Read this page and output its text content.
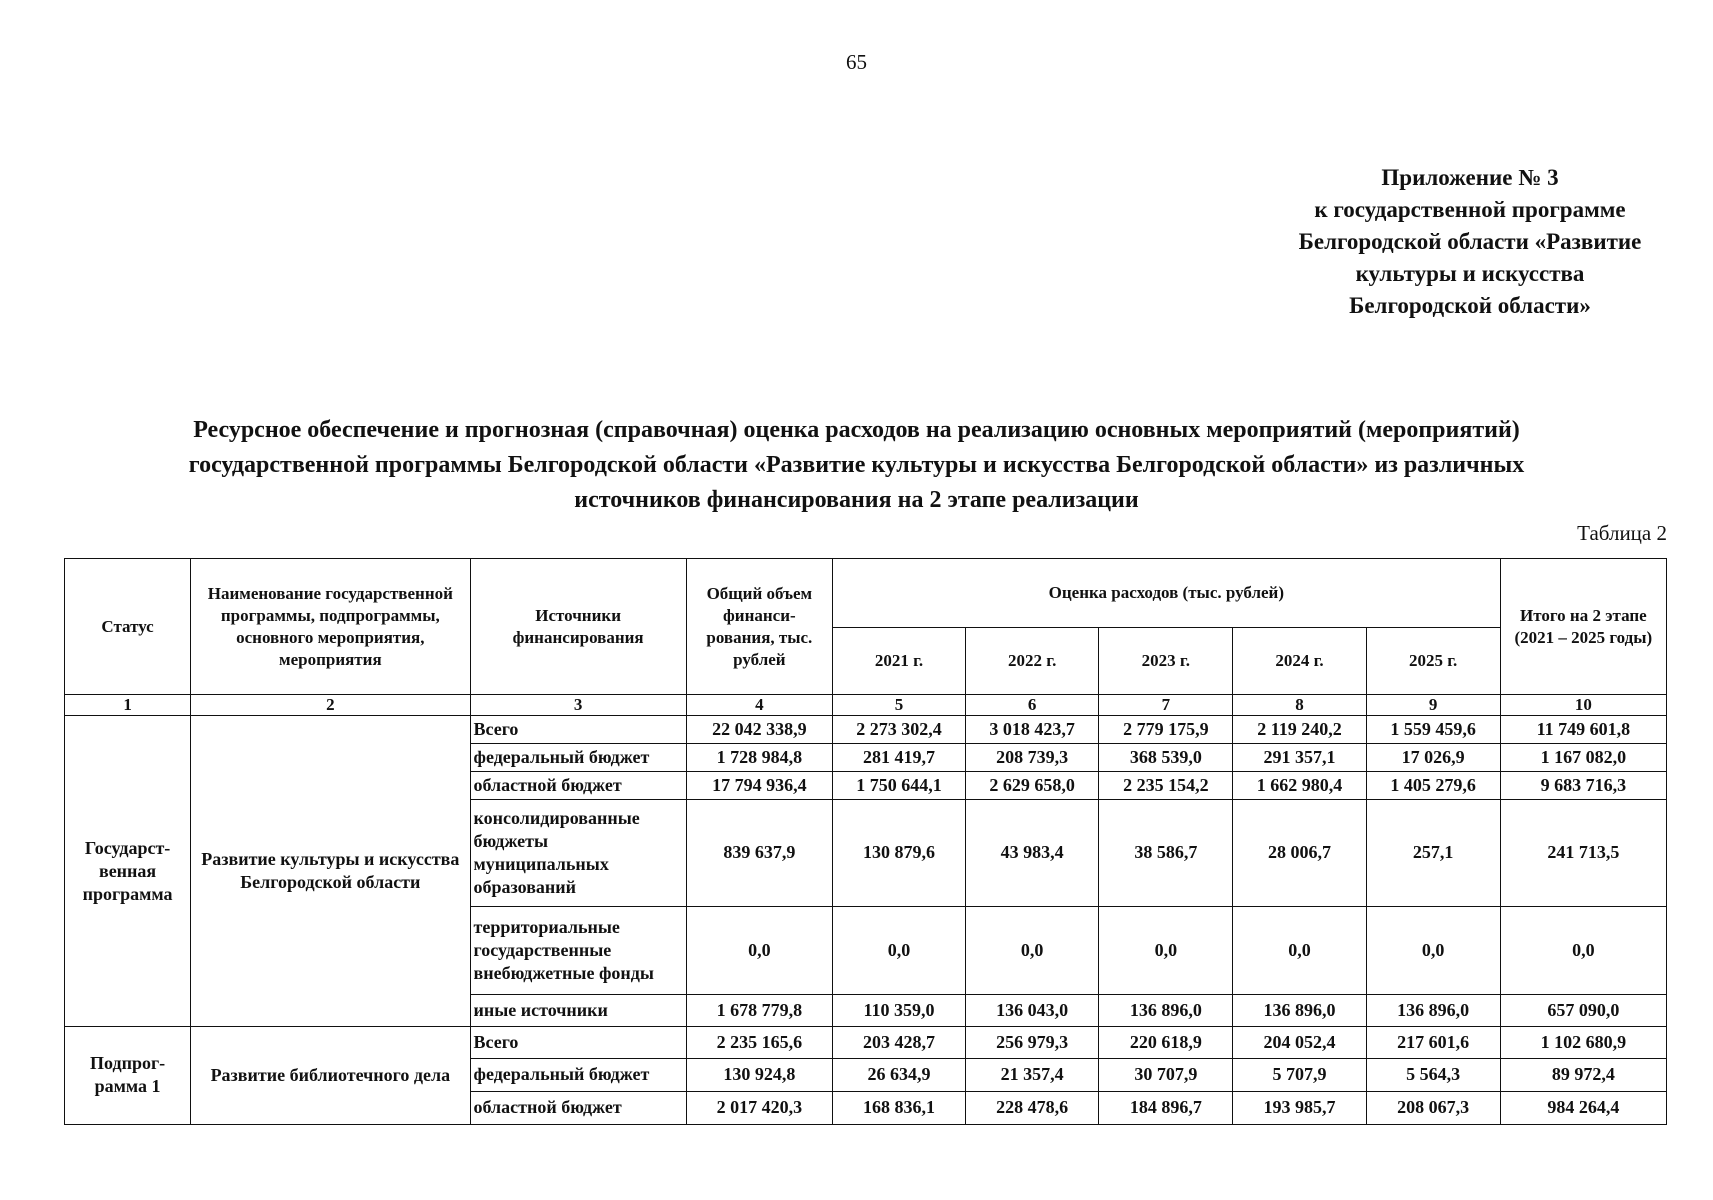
65
Приложение № 3
к государственной программе
Белгородской области «Развитие
культуры и искусства
Белгородской области»
Ресурсное обеспечение и прогнозная (справочная) оценка расходов на реализацию основных мероприятий (мероприятий)
государственной программы Белгородской области «Развитие культуры и искусства Белгородской области» из различных
источников финансирования на 2 этапе реализации
Таблица 2
Статус	Наименование государственной программы, подпрограммы, основного мероприятия, мероприятия	Источники финансирования	Общий объем финанси-рования, тыс. рублей	Оценка расходов (тыс. рублей)					Итого на 2 этапе (2021 – 2025 годы)
				2021 г.	2022 г.	2023 г.	2024 г.	2025 г.	
1	2	3	4	5	6	7	8	9	10
Государст-венная программа	Развитие культуры и искусства Белгородской области	Всего	22 042 338,9	2 273 302,4	3 018 423,7	2 779 175,9	2 119 240,2	1 559 459,6	11 749 601,8
		федеральный бюджет	1 728 984,8	281 419,7	208 739,3	368 539,0	291 357,1	17 026,9	1 167 082,0
		областной бюджет	17 794 936,4	1 750 644,1	2 629 658,0	2 235 154,2	1 662 980,4	1 405 279,6	9 683 716,3
		консолидированные бюджеты муниципальных образований	839 637,9	130 879,6	43 983,4	38 586,7	28 006,7	257,1	241 713,5
		территориальные государственные внебюджетные фонды	0,0	0,0	0,0	0,0	0,0	0,0	0,0
		иные источники	1 678 779,8	110 359,0	136 043,0	136 896,0	136 896,0	136 896,0	657 090,0
Подпрог-рамма 1	Развитие библиотечного дела	Всего	2 235 165,6	203 428,7	256 979,3	220 618,9	204 052,4	217 601,6	1 102 680,9
		федеральный бюджет	130 924,8	26 634,9	21 357,4	30 707,9	5 707,9	5 564,3	89 972,4
		областной бюджет	2 017 420,3	168 836,1	228 478,6	184 896,7	193 985,7	208 067,3	984 264,4
